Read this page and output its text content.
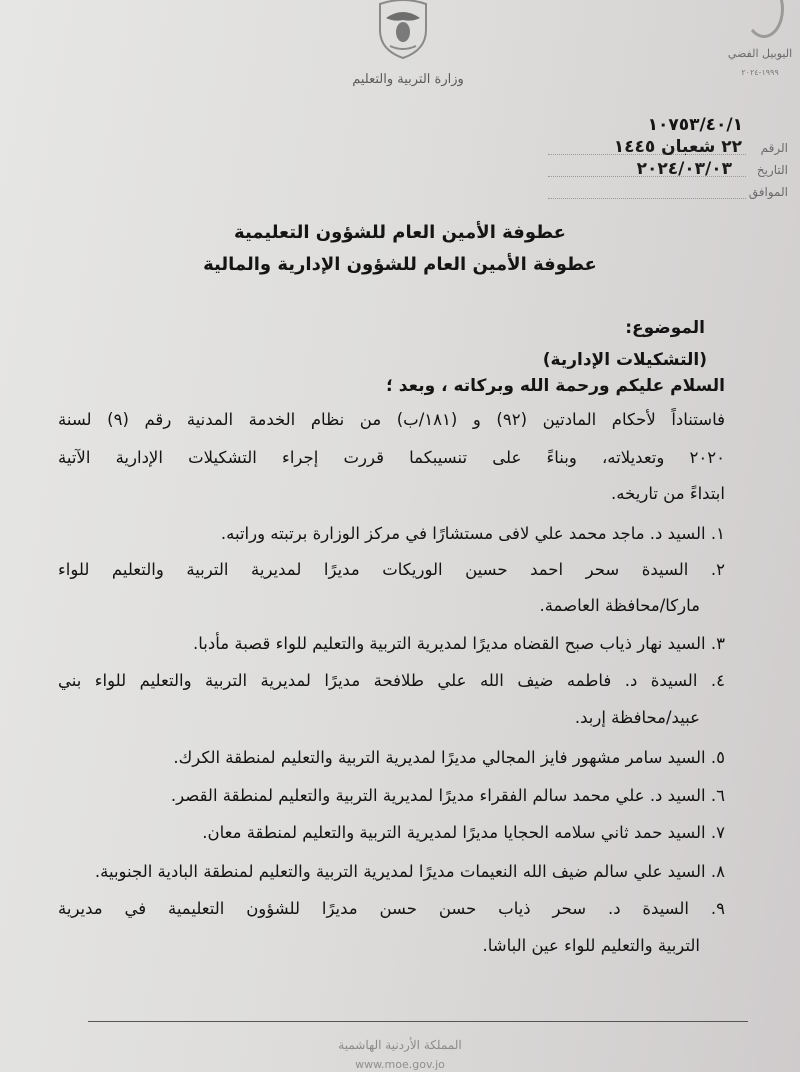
وزارة التربية والتعليم
اليوبيل الفضي
١٩٩٩-٢٠٢٤
١٠٧٥٣/٤٠/١
الرقم
٢٢ شعبان ١٤٤٥
التاريخ
٢٠٢٤/٠٣/٠٣
الموافق
عطوفة الأمين العام للشؤون التعليمية
عطوفة الأمين العام للشؤون الإدارية والمالية
الموضوع:
(التشكيلات الإدارية)
السلام عليكم ورحمة الله وبركاته ، وبعد ؛
فاستناداً لأحكام المادتين (٩٢) و (١٨١/ب) من نظام الخدمة المدنية رقم (٩) لسنة
٢٠٢٠ وتعديلاته، وبناءً على تنسيبكما قررت إجراء التشكيلات الإدارية الآتية
ابتداءً من تاريخه.
١. السيد د. ماجد محمد علي لافى مستشارًا في مركز الوزارة برتبته وراتبه.
٢. السيدة سحر احمد حسين الوريكات مديرًا لمديرية التربية والتعليم للواء
ماركا/محافظة العاصمة.
٣. السيد نهار ذياب صبح القضاه مديرًا لمديرية التربية والتعليم للواء قصبة مأدبا.
٤. السيدة د. فاطمه ضيف الله علي طلافحة مديرًا لمديرية التربية والتعليم للواء بني
عبيد/محافظة إربد.
٥. السيد سامر مشهور فايز المجالي مديرًا لمديرية التربية والتعليم لمنطقة الكرك.
٦. السيد د. علي محمد سالم الفقراء مديرًا لمديرية التربية والتعليم لمنطقة القصر.
٧. السيد حمد ثاني سلامه الحجايا مديرًا لمديرية التربية والتعليم لمنطقة معان.
٨. السيد علي سالم ضيف الله النعيمات مديرًا لمديرية التربية والتعليم لمنطقة البادية الجنوبية.
٩. السيدة د. سحر ذياب حسن حسن مديرًا للشؤون التعليمية في مديرية
التربية والتعليم للواء عين الباشا.
المملكة الأردنية الهاشمية
www.moe.gov.jo
